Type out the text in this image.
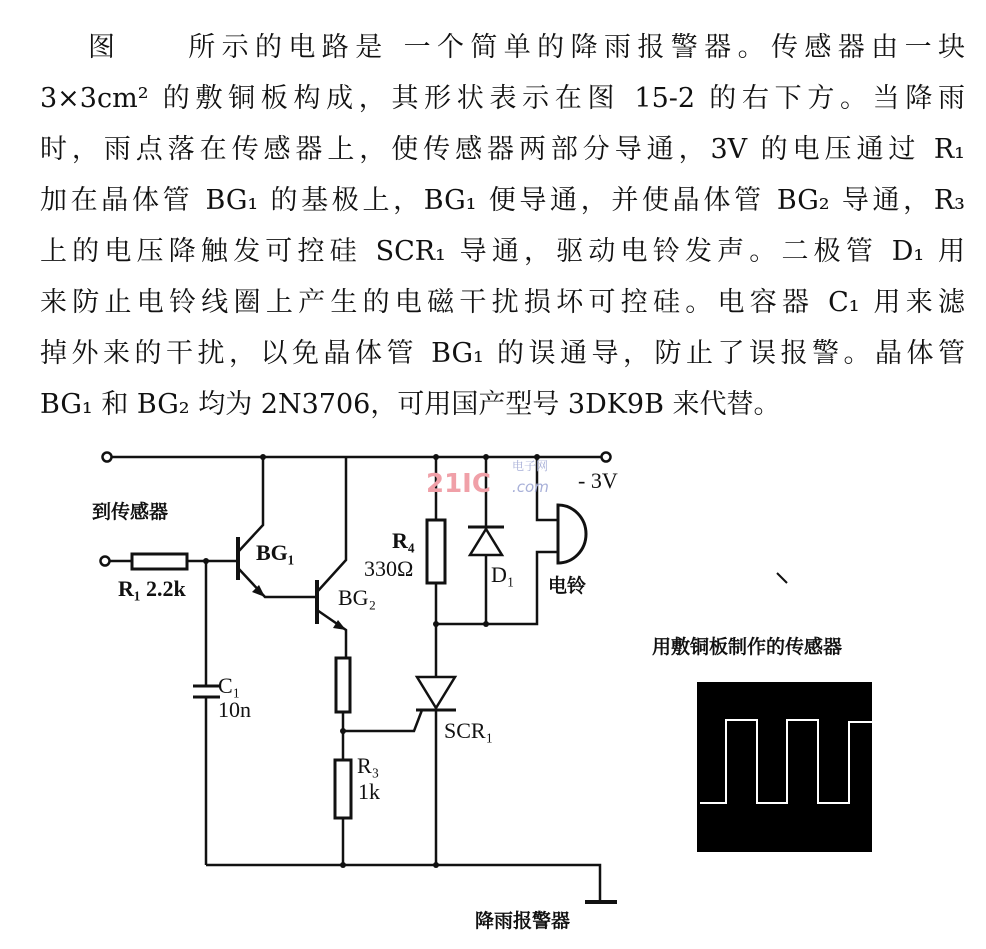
图　　所示的电路是 一个简单的降雨报警器。传感器由一块
3×3cm² 的敷铜板构成，其形状表示在图 15-2 的右下方。当降雨
时，雨点落在传感器上，使传感器两部分导通，3V 的电压通过 R₁
加在晶体管 BG₁ 的基极上，BG₁ 便导通，并使晶体管 BG₂ 导通，R₃
上的电压降触发可控硅 SCR₁ 导通，驱动电铃发声。二极管 D₁ 用
来防止电铃线圈上产生的电磁干扰损坏可控硅。电容器 C₁ 用来滤
掉外来的干扰，以免晶体管 BG₁ 的误通导，防止了误报警。晶体管
BG₁ 和 BG₂ 均为 2N3706，可用国产型号 3DK9B 来代替。
21IC
电子网
.com
到传感器
- 3V
R₁ 2.2k
BG₁
BG₂
R₄
330Ω	D₁ 电铃
C₁
10n
R₃
1k
SCR₁
用敷铜板制作的传感器
降雨报警器
